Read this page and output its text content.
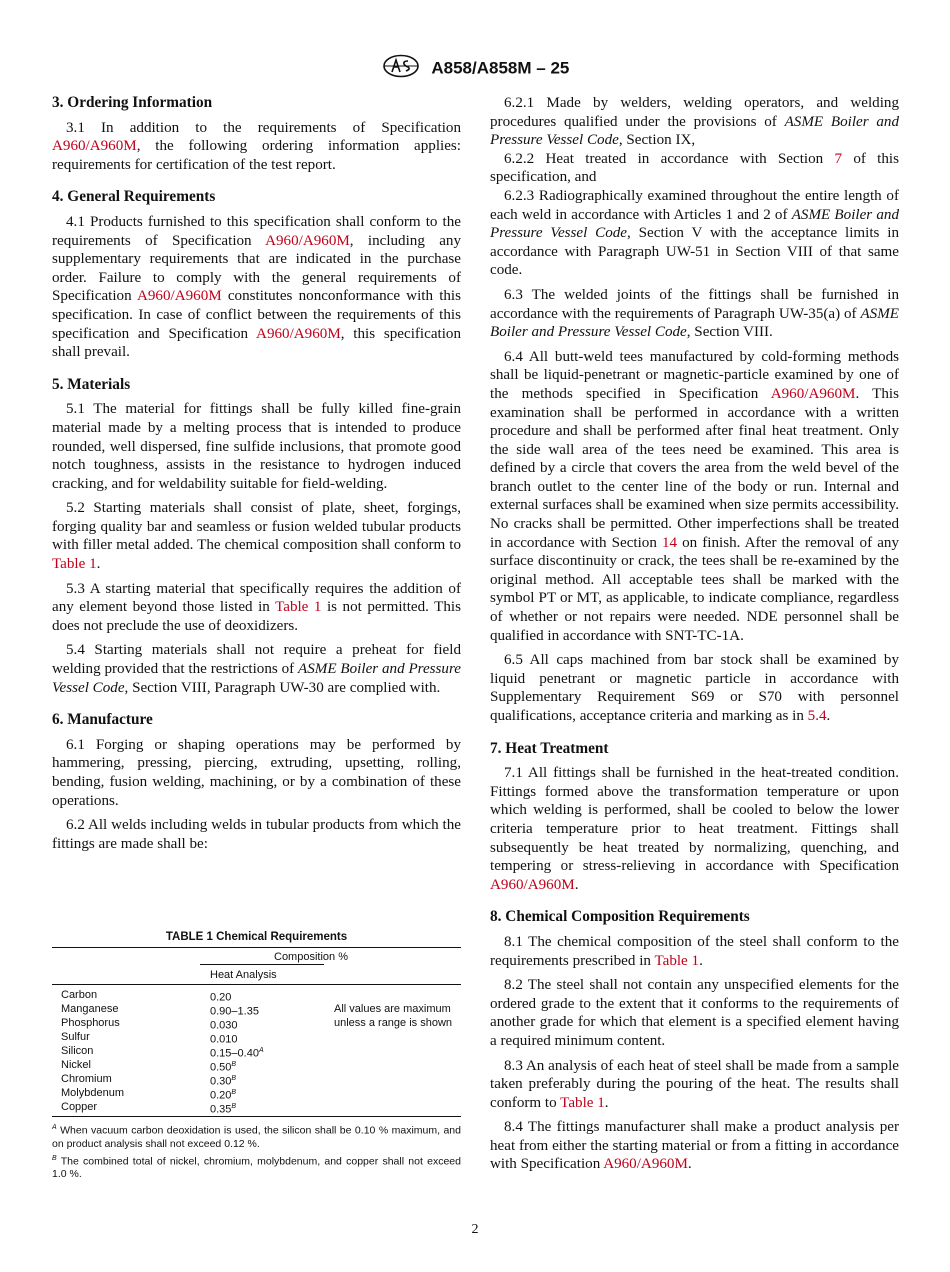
A858/A858M – 25
3. Ordering Information

3.1 In addition to the requirements of Specification A960/A960M, the following ordering information applies: requirements for certification of the test report.

4. General Requirements

4.1 Products furnished to this specification shall conform to the requirements of Specification A960/A960M, including any supplementary requirements that are indicated in the purchase order. Failure to comply with the general requirements of Specification A960/A960M constitutes nonconformance with this specification. In case of conflict between the requirements of this specification and Specification A960/A960M, this specification shall prevail.

5. Materials

5.1 The material for fittings shall be fully killed fine-grain material made by a melting process that is intended to produce rounded, well dispersed, fine sulfide inclusions, that promote good notch toughness, assists in the resistance to hydrogen induced cracking, and for weldability suitable for field-welding.

5.2 Starting materials shall consist of plate, sheet, forgings, forging quality bar and seamless or fusion welded tubular products with filler metal added. The chemical composition shall conform to Table 1.

5.3 A starting material that specifically requires the addition of any element beyond those listed in Table 1 is not permitted. This does not preclude the use of deoxidizers.

5.4 Starting materials shall not require a preheat for field welding provided that the restrictions of ASME Boiler and Pressure Vessel Code, Section VIII, Paragraph UW-30 are complied with.

6. Manufacture

6.1 Forging or shaping operations may be performed by hammering, pressing, piercing, extruding, upsetting, rolling, bending, fusion welding, machining, or by a combination of these operations.

6.2 All welds including welds in tubular products from which the fittings are made shall be:

TABLE 1 Chemical Requirements
Composition %
Heat Analysis
Carbon	0.20
Manganese	0.90–1.35
Phosphorus	0.030
Sulfur	0.010
Silicon	$0.15-0.40^A$
Nickel	$0.50^B$
Chromium	$0.30^B$
Molybdenum	$0.20^B$
Copper	$0.35^B$
All values are maximum unless a range is shown
$^A$ When vacuum carbon deoxidation is used, the silicon shall be 0.10 % maximum, and on product analysis shall not exceed 0.12 %.
$^B$ The combined total of nickel, chromium, molybdenum, and copper shall not exceed 1.0 %.

6.2.1 Made by welders, welding operators, and welding procedures qualified under the provisions of ASME Boiler and Pressure Vessel Code, Section IX,

6.2.2 Heat treated in accordance with Section 7 of this specification, and

6.2.3 Radiographically examined throughout the entire length of each weld in accordance with Articles 1 and 2 of ASME Boiler and Pressure Vessel Code, Section V with the acceptance limits in accordance with Paragraph UW-51 in Section VIII of that same code.

6.3 The welded joints of the fittings shall be furnished in accordance with the requirements of Paragraph UW-35(a) of ASME Boiler and Pressure Vessel Code, Section VIII.

6.4 All butt-weld tees manufactured by cold-forming methods shall be liquid-penetrant or magnetic-particle examined by one of the methods specified in Specification A960/A960M. This examination shall be performed in accordance with a written procedure and shall be performed after final heat treatment. Only the side wall area of the tees need be examined. This area is defined by a circle that covers the area from the weld bevel of the branch outlet to the center line of the body or run. Internal and external surfaces shall be examined when size permits accessibility. No cracks shall be permitted. Other imperfections shall be treated in accordance with Section 14 on finish. After the removal of any surface discontinuity or crack, the tees shall be re-examined by the original method. All acceptable tees shall be marked with the symbol PT or MT, as applicable, to indicate compliance, regardless of whether or not repairs were needed. NDE personnel shall be qualified in accordance with SNT-TC-1A.

6.5 All caps machined from bar stock shall be examined by liquid penetrant or magnetic particle in accordance with Supplementary Requirement S69 or S70 with personnel qualifications, acceptance criteria and marking as in 5.4.

7. Heat Treatment

7.1 All fittings shall be furnished in the heat-treated condition. Fittings formed above the transformation temperature or upon which welding is performed, shall be cooled to below the lower criteria temperature prior to heat treatment. Fittings shall subsequently be heat treated by normalizing, quenching, and tempering or stress-relieving in accordance with Specification A960/A960M.

8. Chemical Composition Requirements

8.1 The chemical composition of the steel shall conform to the requirements prescribed in Table 1.

8.2 The steel shall not contain any unspecified elements for the ordered grade to the extent that it conforms to the requirements of another grade for which that element is a specified element having a required minimum content.

8.3 An analysis of each heat of steel shall be made from a sample taken preferably during the pouring of the heat. The results shall conform to Table 1.

8.4 The fittings manufacturer shall make a product analysis per heat from either the starting material or from a fitting in accordance with Specification A960/A960M.

2
